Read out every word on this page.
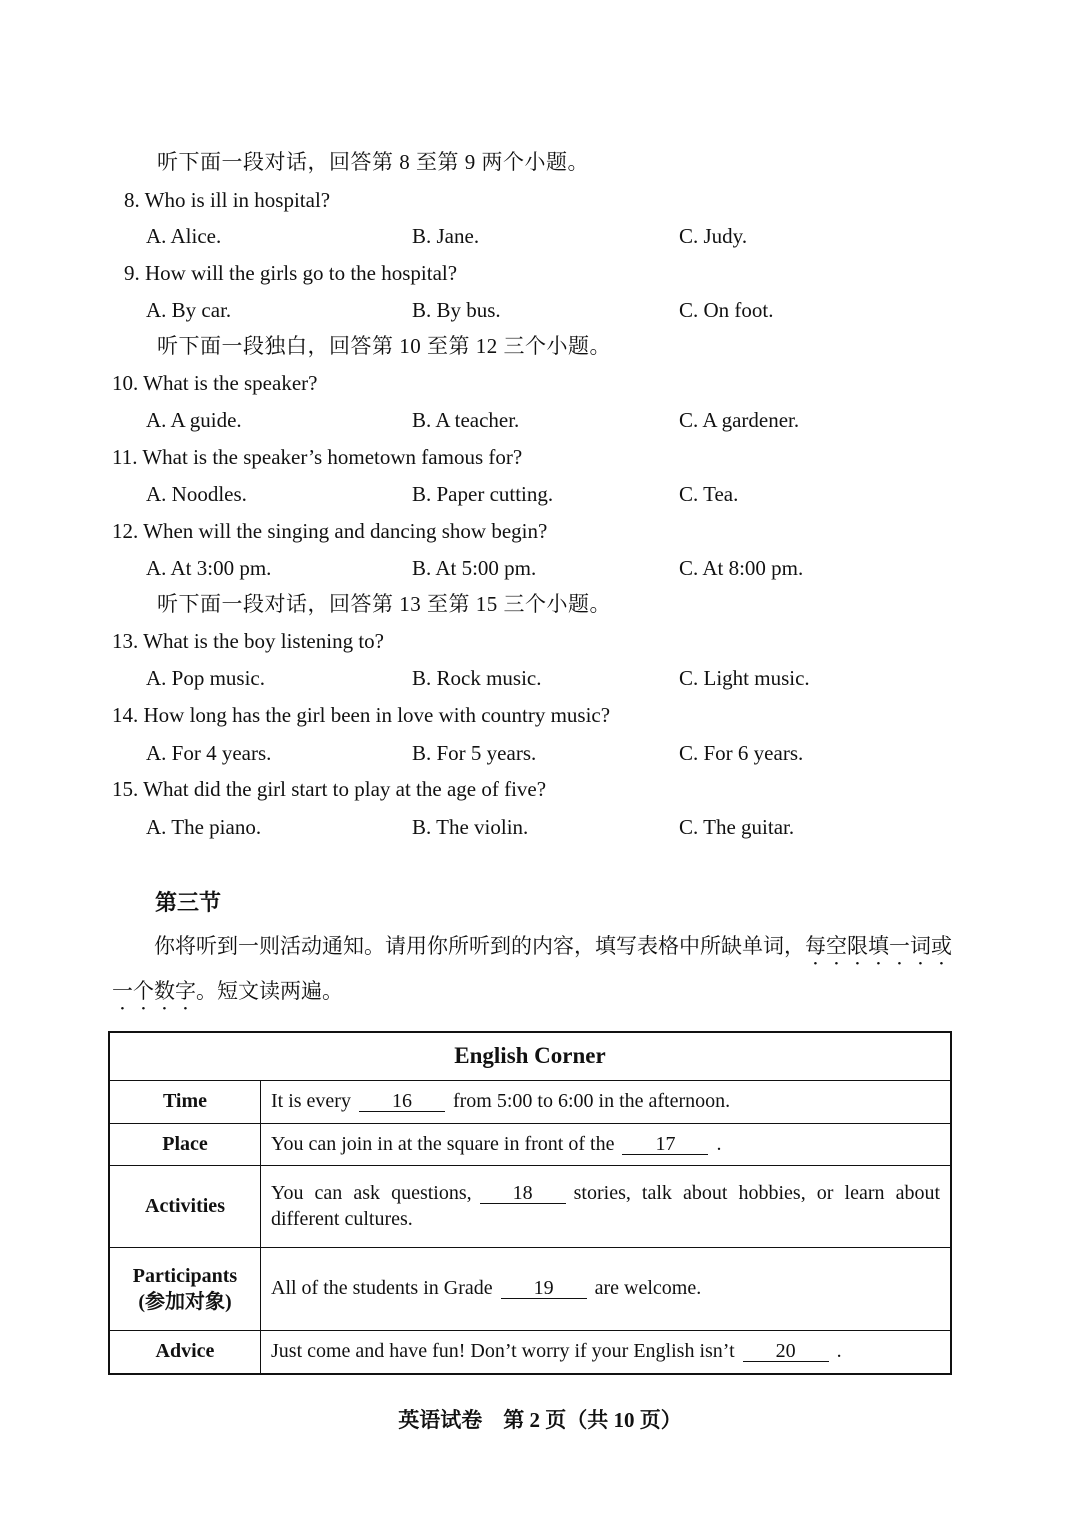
听下面一段对话，回答第 8 至第 9 两个小题。
8. Who is ill in hospital?
A. Alice.	B. Jane.	C. Judy.
9. How will the girls go to the hospital?
A. By car.	B. By bus.	C. On foot.
听下面一段独白，回答第 10 至第 12 三个小题。
10. What is the speaker?
A. A guide.	B. A teacher.	C. A gardener.
11. What is the speaker’s hometown famous for?
A. Noodles.	B. Paper cutting.	C. Tea.
12. When will the singing and dancing show begin?
A. At 3:00 pm.	B. At 5:00 pm.	C. At 8:00 pm.
听下面一段对话，回答第 13 至第 15 三个小题。
13. What is the boy listening to?
A. Pop music.	B. Rock music.	C. Light music.
14. How long has the girl been in love with country music?
A. For 4 years.	B. For 5 years.	C. For 6 years.
15. What did the girl start to play at the age of five?
A. The piano.	B. The violin.	C. The guitar.
第三节
你将听到一则活动通知。请用你所听到的内容，填写表格中所缺单词，每空限填一词或一个数字。短文读两遍。
English Corner	
Time	It is every 16 from 5:00 to 6:00 in the afternoon.
Place	You can join in at the square in front of the 17 .
Activities	You can ask questions, 18 stories, talk about hobbies, or learn about different cultures.
Participants
(参加对象)	All of the students in Grade 19 are welcome.
Advice	Just come and have fun! Don’t worry if your English isn’t 20 .
英语试卷　第 2 页（共 10 页）
